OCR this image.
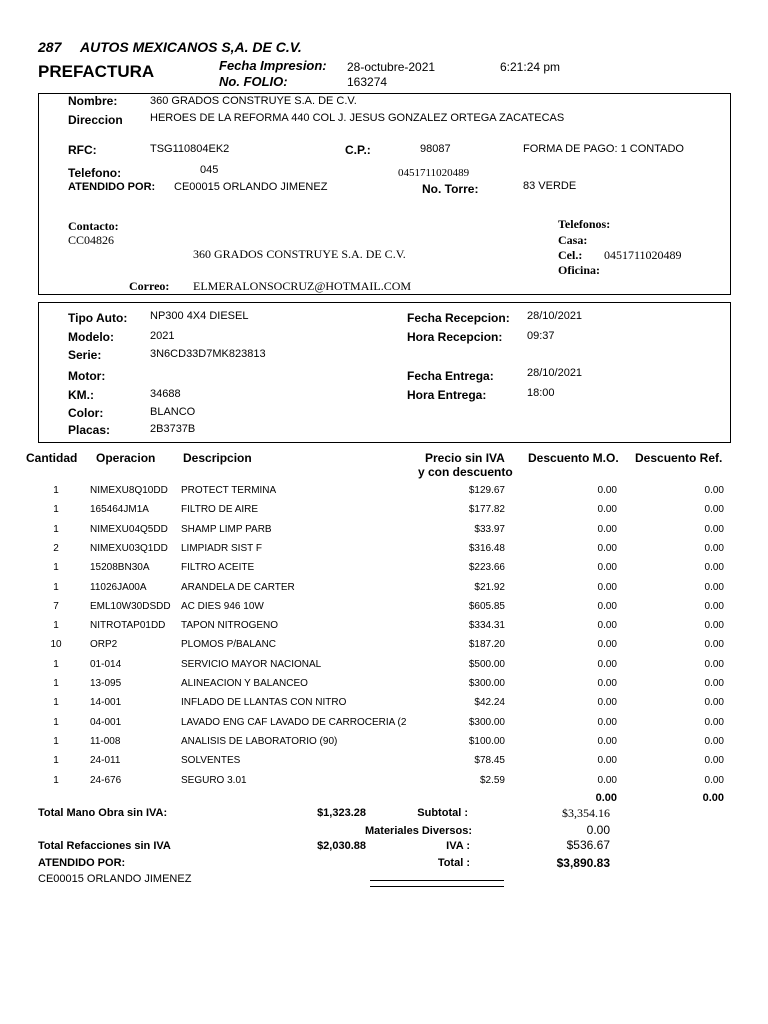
287 AUTOS MEXICANOS S,A. DE C.V.
PREFACTURA	Fecha Impresion: 28-octubre-2021	6:21:24 pm
No. FOLIO:	163274
Nombre:	360 GRADOS CONSTRUYE S.A. DE C.V.
Direccion HEROES DE LA REFORMA 440 COL J. JESUS GONZALEZ ORTEGA ZACATECAS
RFC:	TSG110804EK2	C.P.:	98087	FORMA DE PAGO: 1 CONTADO
Telefono:	045	0451711020489
ATENDIDO POR: CE00015 ORLANDO JIMENEZ	No. Torre:	83 VERDE
Contacto:
CC04826
360 GRADOS CONSTRUYE S.A. DE C.V.
Telefonos:
Casa:
Cel.: 0451711020489
Oficina:
Correo: ELMERALONSOCRUZ@HOTMAIL.COM
Tipo Auto: NP300 4X4 DIESEL
Modelo:	2021
Serie:	3N6CD33D7MK823813
Motor:
KM.:	34688
Color:	BLANCO
Placas:	2B3737B
Fecha Recepcion: 28/10/2021
Hora Recepcion: 09:37
Fecha Entrega:	28/10/2021
Hora Entrega:	18:00
Cantidad Operacion Descripcion	Precio sin IVA
y con descuento
Descuento M.O. Descuento Ref.
1	NIMEXU8Q10DD	PROTECT TERMINA	$129.67	0.00	0.00
1	165464JM1A	FILTRO DE AIRE	$177.82	0.00	0.00
1	NIMEXU04Q5DD	SHAMP LIMP PARB	$33.97	0.00	0.00
2	NIMEXU03Q1DD	LIMPIADR SIST F	$316.48	0.00	0.00
1	15208BN30A	FILTRO ACEITE	$223.66	0.00	0.00
1	11026JA00A	ARANDELA DE CARTER	$21.92	0.00	0.00
7	EML10W30DSDD	AC DIES 946 10W	$605.85	0.00	0.00
1	NITROTAP01DD	TAPON NITROGENO	$334.31	0.00	0.00
10	ORP2	PLOMOS P/BALANC	$187.20	0.00	0.00
1	01-014	SERVICIO MAYOR NACIONAL	$500.00	0.00	0.00
1	13-095	ALINEACION Y BALANCEO	$300.00	0.00	0.00
1	14-001	INFLADO DE LLANTAS CON NITRO	$42.24	0.00	0.00
1	04-001	LAVADO ENG CAF LAVADO DE CARROCERIA (2	$300.00	0.00	0.00
1	11-008	ANALISIS DE LABORATORIO (90)	$100.00	0.00	0.00
1	24-011	SOLVENTES	$78.45	0.00	0.00
1	24-676	SEGURO 3.01	$2.59	0.00	0.00
0.00	0.00
Total Mano Obra sin IVA:	$1,323.28
Total Refacciones sin IVA	$2,030.88
ATENDIDO POR:
CE00015 ORLANDO JIMENEZ
Subtotal :	$3,354.16
Materiales Diversos:	0.00
IVA :	$536.67
Total :	$3,890.83
